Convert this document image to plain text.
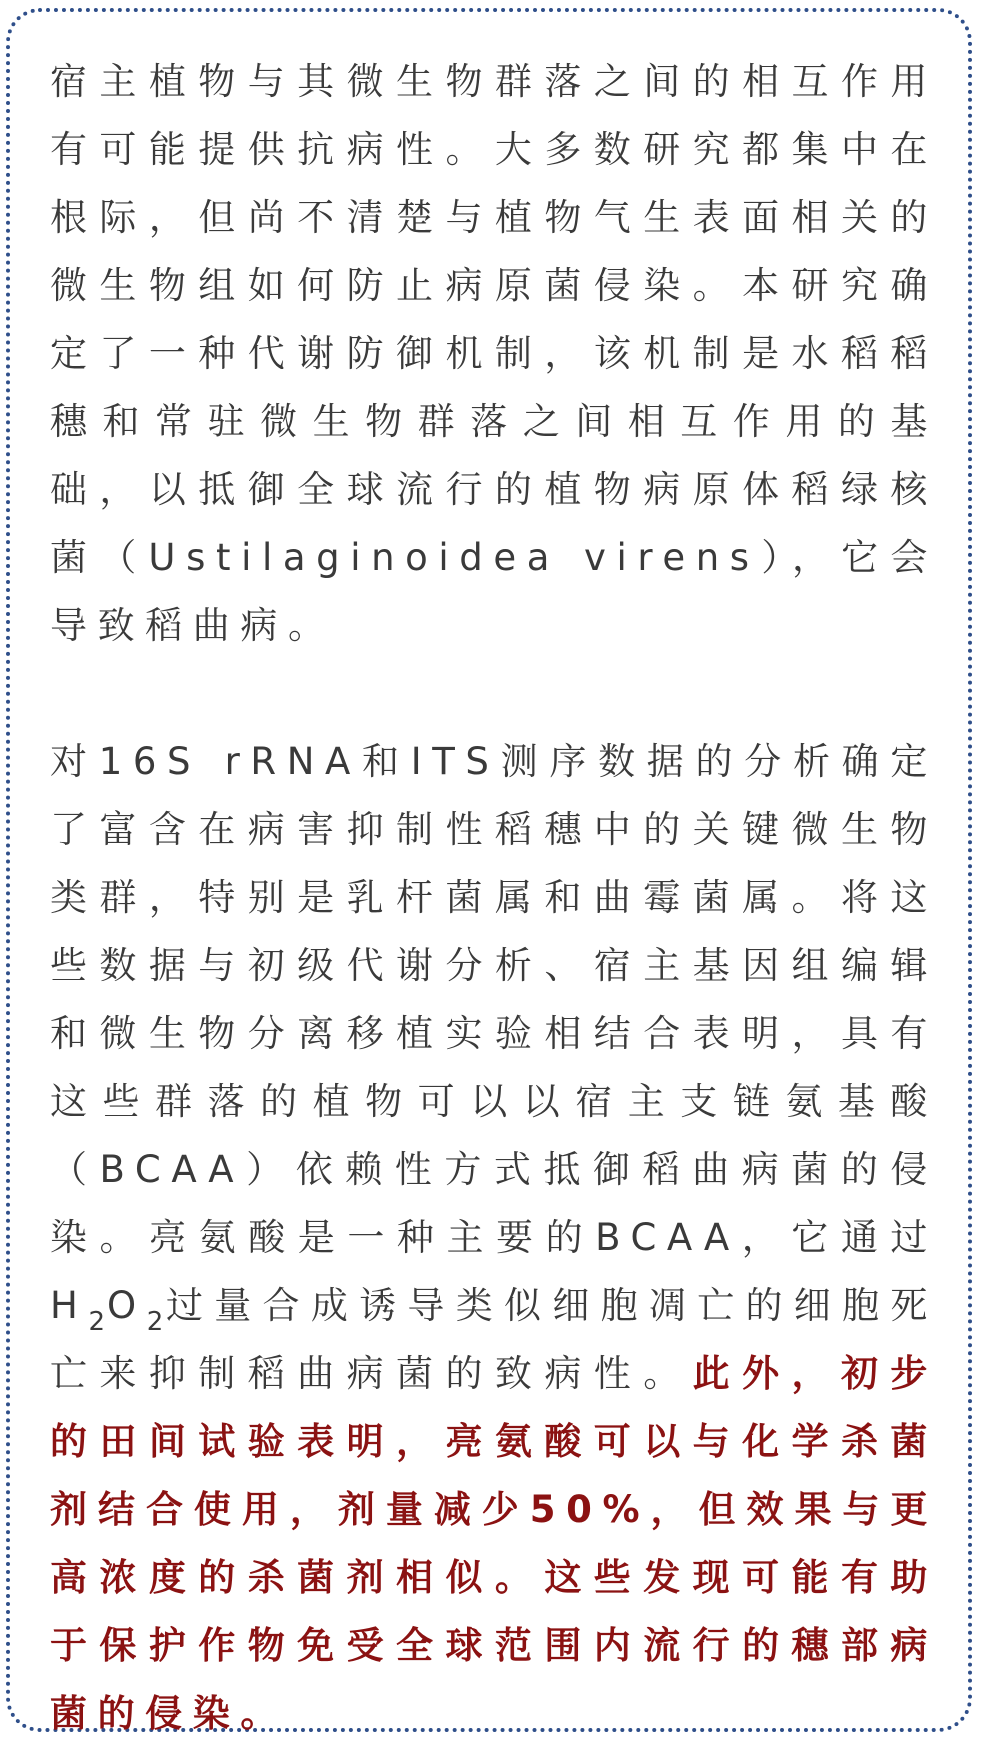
宿主植物与其微生物群落之间的相互作用有可能提供抗病性。大多数研究都集中在根际，但尚不清楚与植物气生表面相关的微生物组如何防止病原菌侵染。本研究确定了一种代谢防御机制，该机制是水稻稻穗和常驻微生物群落之间相互作用的基础，以抵御全球流行的植物病原体稻绿核菌（Ustilaginoidea virens），它会导致稻曲病。

对16S rRNA和ITS测序数据的分析确定了富含在病害抑制性稻穗中的关键微生物类群，特别是乳杆菌属和曲霉菌属。将这些数据与初级代谢分析、宿主基因组编辑和微生物分离移植实验相结合表明，具有这些群落的植物可以以宿主支链氨基酸（BCAA）依赖性方式抵御稻曲病菌的侵染。亮氨酸是一种主要的BCAA，它通过$H_2O_2$过量合成诱导类似细胞凋亡的细胞死亡来抑制稻曲病菌的致病性。此外，初步的田间试验表明，亮氨酸可以与化学杀菌剂结合使用，剂量减少50%，但效果与更高浓度的杀菌剂相似。这些发现可能有助于保护作物免受全球范围内流行的穗部病菌的侵染。
